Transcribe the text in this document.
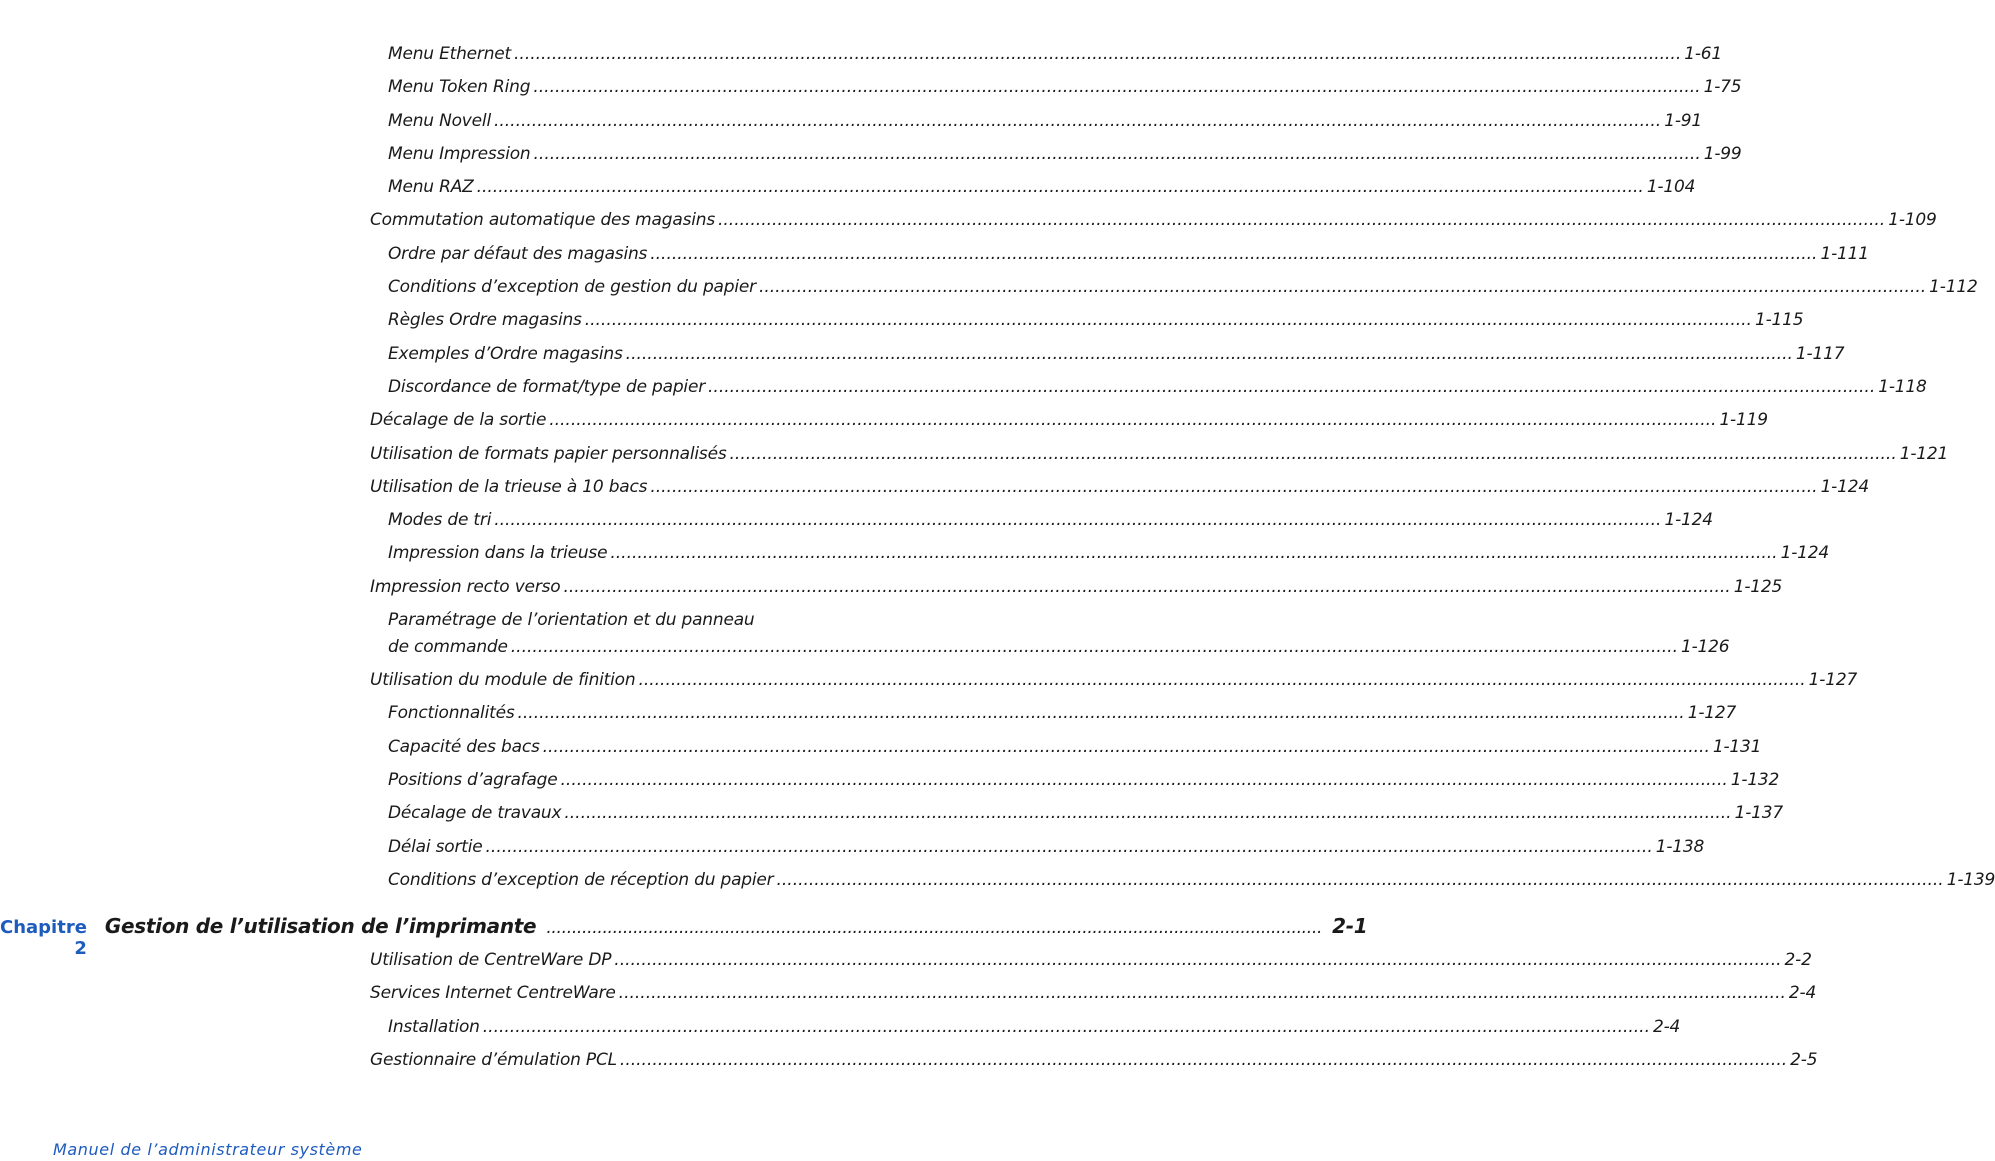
Menu Ethernet .....	1-61
Menu Token Ring .....	1-75
Menu Novell .....	1-91
Menu Impression .....	1-99
Menu RAZ .....	1-104
Commutation automatique des magasins .....	1-109
Ordre par défaut des magasins .....	1-111
Conditions d’exception de gestion du papier .....	1-112
Règles Ordre magasins .....	1-115
Exemples d’Ordre magasins .....	1-117
Discordance de format/type de papier .....	1-118
Décalage de la sortie .....	1-119
Utilisation de formats papier personnalisés .....	1-121
Utilisation de la trieuse à 10 bacs .....	1-124
Modes de tri .....	1-124
Impression dans la trieuse .....	1-124
Impression recto verso .....	1-125
Paramétrage de l’orientation et du panneau
de commande .....	1-126
Utilisation du module de finition .....	1-127
Fonctionnalités .....	1-127
Capacité des bacs .....	1-131
Positions d’agrafage .....	1-132
Décalage de travaux .....	1-137
Délai sortie .....	1-138
Conditions d’exception de réception du papier .....	1-139
Chapitre 2
Gestion de l’utilisation de l’imprimante .....	2-1
Utilisation de CentreWare DP .....	2-2
Services Internet CentreWare .....	2-4
Installation .....	2-4
Gestionnaire d’émulation PCL .....	2-5
Manuel de l’administrateur système
